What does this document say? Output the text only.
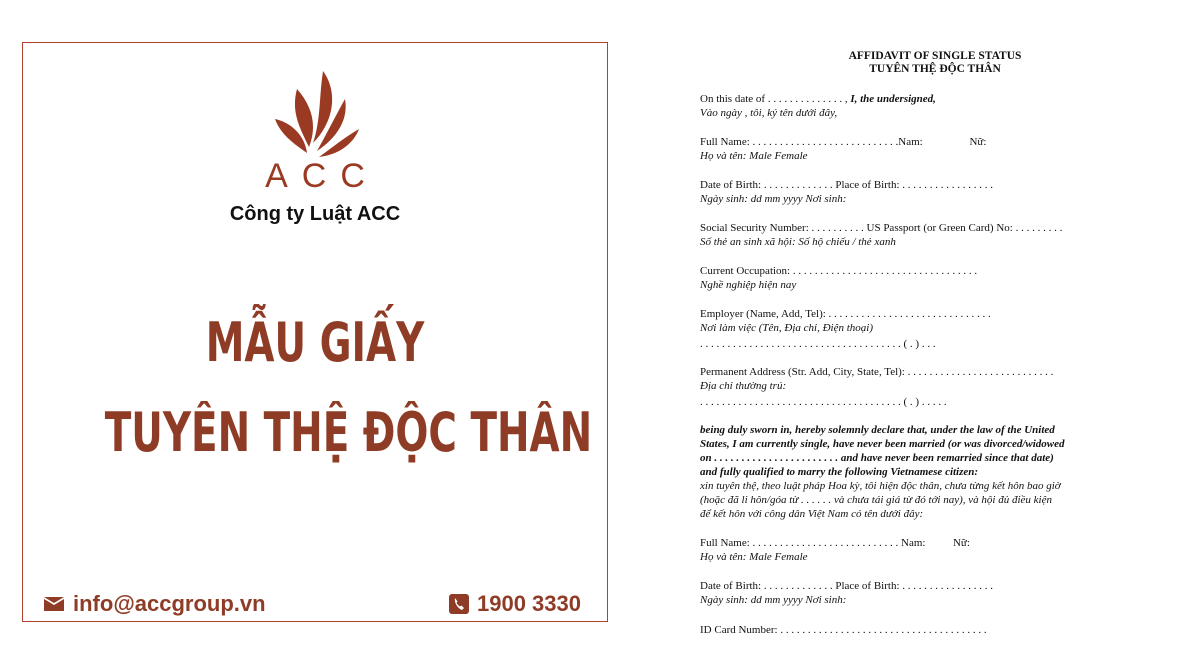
ACC
Công ty Luật ACC
MẪU GIẤY
TUYÊN THỆ ĐỘC THÂN
info@accgroup.vn	1900 3330
AFFIDAVIT OF SINGLE STATUS
TUYÊN THỆ ĐỘC THÂN
On this date of . . . . . . . . . . . . . . , I, the undersigned,
Vào ngày , tôi, ký tên dưới đây,
Full Name: . . . . . . . . . . . . . . . . . . . . . . . . . . .Nam:                 Nữ:
Họ và tên: Male Female
Date of Birth: . . . . . . . . . . . . . Place of Birth: . . . . . . . . . . . . . . . . .
Ngày sinh: dd mm yyyy Nơi sinh:
Social Security Number: . . . . . . . . . . US Passport (or Green Card) No: . . . . . . . . .
Số thẻ an sinh xã hội: Số hộ chiếu / thẻ xanh
Current Occupation: . . . . . . . . . . . . . . . . . . . . . . . . . . . . . . . . . .
Nghề nghiệp hiện nay
Employer (Name, Add, Tel): . . . . . . . . . . . . . . . . . . . . . . . . . . . . . .
Nơi làm việc (Tên, Địa chỉ, Điện thoại)
. . . . . . . . . . . . . . . . . . . . . . . . . . . . . . . . . . . . . ( . ) . . .
Permanent Address (Str. Add, City, State, Tel): . . . . . . . . . . . . . . . . . . . . . . . . . . .
Địa chỉ thường trú:
. . . . . . . . . . . . . . . . . . . . . . . . . . . . . . . . . . . . . ( . ) . . . . .
being duly sworn in, hereby solemnly declare that, under the law of the United
States, I am currently single, have never been married (or was divorced/widowed
on . . . . . . . . . . . . . . . . . . . . . . . and have never been remarried since that date)
and fully qualified to marry the following Vietnamese citizen:
xin tuyên thệ, theo luật pháp Hoa kỳ, tôi hiện độc thân, chưa từng kết hôn bao giờ
(hoặc đã li hôn/góa từ . . . . . . và chưa tái giá từ đó tới nay), và hội đủ điều kiện
để kết hôn với công dân Việt Nam có tên dưới đây:
Full Name: . . . . . . . . . . . . . . . . . . . . . . . . . . . Nam:          Nữ:
Họ và tên: Male Female
Date of Birth: . . . . . . . . . . . . . Place of Birth: . . . . . . . . . . . . . . . . .
Ngày sinh: dd mm yyyy Nơi sinh:
ID Card Number: . . . . . . . . . . . . . . . . . . . . . . . . . . . . . . . . . . . . . .
